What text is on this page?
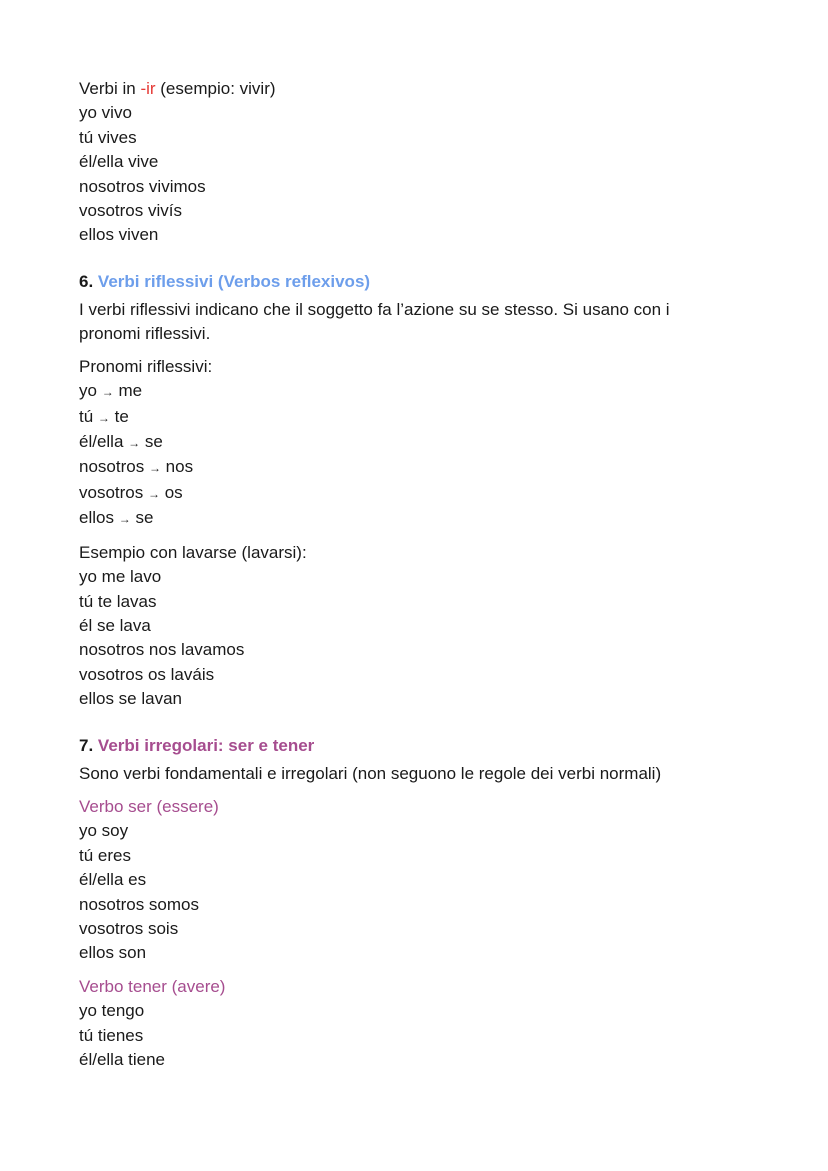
Verbi in -ir (esempio: vivir)
yo vivo
tú vives
él/ella vive
nosotros vivimos
vosotros vivís
ellos viven
6. Verbi riflessivi (Verbos reflexivos)
I verbi riflessivi indicano che il soggetto fa l’azione su se stesso. Si usano con i pronomi riflessivi.
Pronomi riflessivi:
yo → me
tú → te
él/ella → se
nosotros → nos
vosotros → os
ellos → se
Esempio con lavarse (lavarsi):
yo me lavo
tú te lavas
él se lava
nosotros nos lavamos
vosotros os laváis
ellos se lavan
7. Verbi irregolari: ser e tener
Sono verbi fondamentali e irregolari (non seguono le regole dei verbi normali)
Verbo ser (essere)
yo soy
tú eres
él/ella es
nosotros somos
vosotros sois
ellos son
Verbo tener (avere)
yo tengo
tú tienes
él/ella tiene
